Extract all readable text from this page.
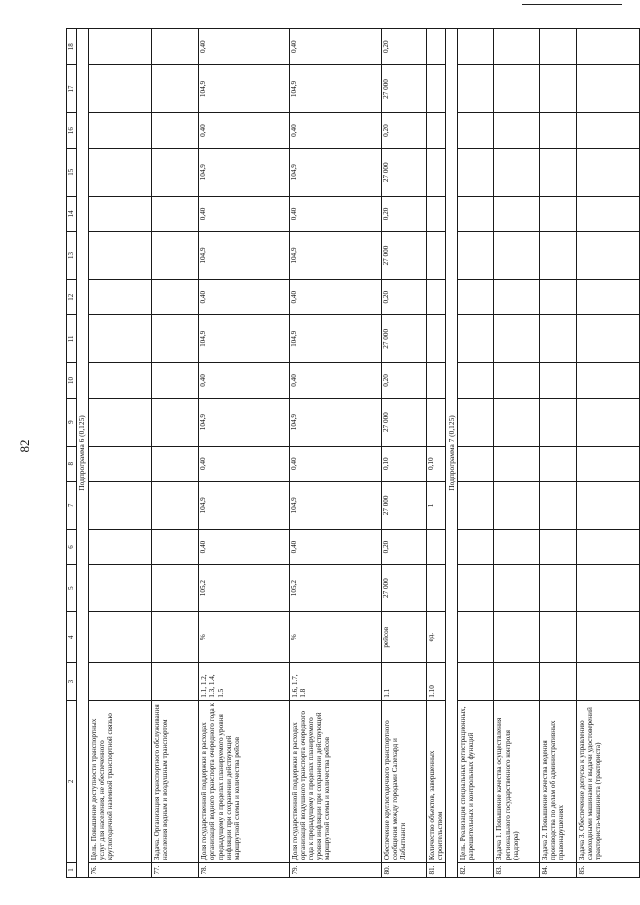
82
1	2	3	4	5	6	7	8	9	10	11	12	13	14	15	16	17	18
Подпрограмма 6 (0,125)																	
76.	Цель. Повышение доступности транспортных услуг для населения, не обеспеченного круглогодичной наземной транспортной связью																
77.	Задача. Организация транспортного обслуживания населения водным и воздушным транспортом																
78.	Доля государственной поддержки в расходах организаций водного транспорта очередного года к предыдущему в пределах планируемого уровня инфляции при сохранении действующей маршрутной схемы и количества рейсов	1.1, 1.2, 1.3, 1.4, 1.5	%	105,2	0,40	104,9	0,40	104,9	0,40	104,9	0,40	104,9	0,40	104,9	0,40	104,9	0,40
79.	Доля государственной поддержки в расходах организаций воздушного транспорта очередного года к предыдущему в пределах планируемого уровня инфляции при сохранении действующей маршрутной схемы и количества рейсов	1.6, 1.7, 1.8	%	105,2	0,40	104,9	0,40	104,9	0,40	104,9	0,40	104,9	0,40	104,9	0,40	104,9	0,40
80.	Обеспечение круглогодичного транспортного сообщения между городами Салехард и Лабытнанги	1.1	рейсов	27 000	0,20	27 000	0,10	27 000	0,20	27 000	0,20	27 000	0,20	27 000	0,20	27 000	0,20
81.	Количество объектов, завершенных строительством	1.10	ед.			1	0,10										
Подпрограмма 7 (0,125)																	
82.	Цель. Реализация специальных регистрационных, разрешительных и контрольных функций																
83.	Задача 1. Повышение качества осуществления регионального государственного контроля (надзора)																
84.	Задача 2. Повышение качества ведения производства по делам об административных правонарушениях																
85.	Задача 3. Обеспечение допуска к управлению самоходными машинами и выдачи удостоверений тракториста-машиниста (тракториста)																
